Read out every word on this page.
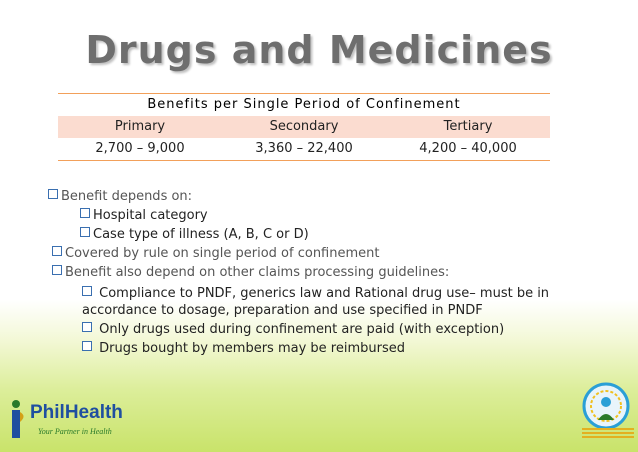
Drugs and Medicines
Benefits per Single Period of Confinement
Primary	Secondary	Tertiary
2,700 – 9,000	3,360 – 22,400	4,200 – 40,000
Benefit depends on:
Hospital category
Case type of illness (A, B, C or D)
Covered by rule on single period of confinement
Benefit also depend on other claims processing guidelines:
Compliance to PNDF, generics law and Rational drug use– must be in accordance to dosage, preparation and use specified in PNDF
Only drugs used during confinement are paid (with exception)
Drugs bought by members may be reimbursed
PhilHealth
Your Partner in Health
